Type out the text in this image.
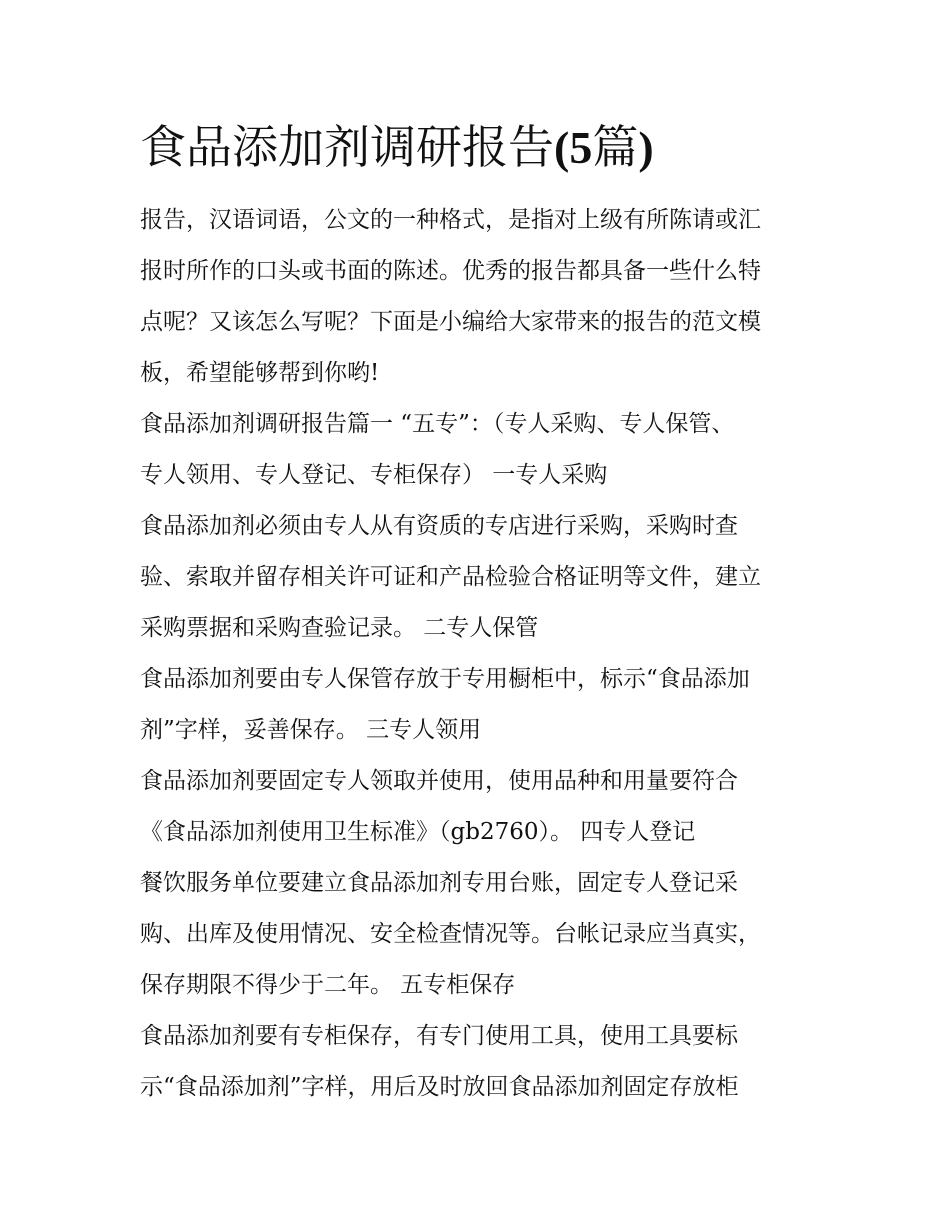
食品添加剂调研报告(5篇)

报告，汉语词语，公文的一种格式，是指对上级有所陈请或汇

报时所作的口头或书面的陈述。优秀的报告都具备一些什么特

点呢？又该怎么写呢？下面是小编给大家带来的报告的范文模

板，希望能够帮到你哟!

食品添加剂调研报告篇一 “五专”：（专人采购、专人保管、

专人领用、专人登记、专柜保存） 一专人采购

食品添加剂必须由专人从有资质的专店进行采购，采购时查

验、索取并留存相关许可证和产品检验合格证明等文件，建立

采购票据和采购查验记录。 二专人保管

食品添加剂要由专人保管存放于专用橱柜中，标示“食品添加

剂”字样，妥善保存。 三专人领用

食品添加剂要固定专人领取并使用，使用品种和用量要符合

《食品添加剂使用卫生标准》（gb2760）。 四专人登记

餐饮服务单位要建立食品添加剂专用台账，固定专人登记采

购、出库及使用情况、安全检查情况等。台帐记录应当真实，

保存期限不得少于二年。 五专柜保存

食品添加剂要有专柜保存，有专门使用工具，使用工具要标

示“食品添加剂”字样，用后及时放回食品添加剂固定存放柜
